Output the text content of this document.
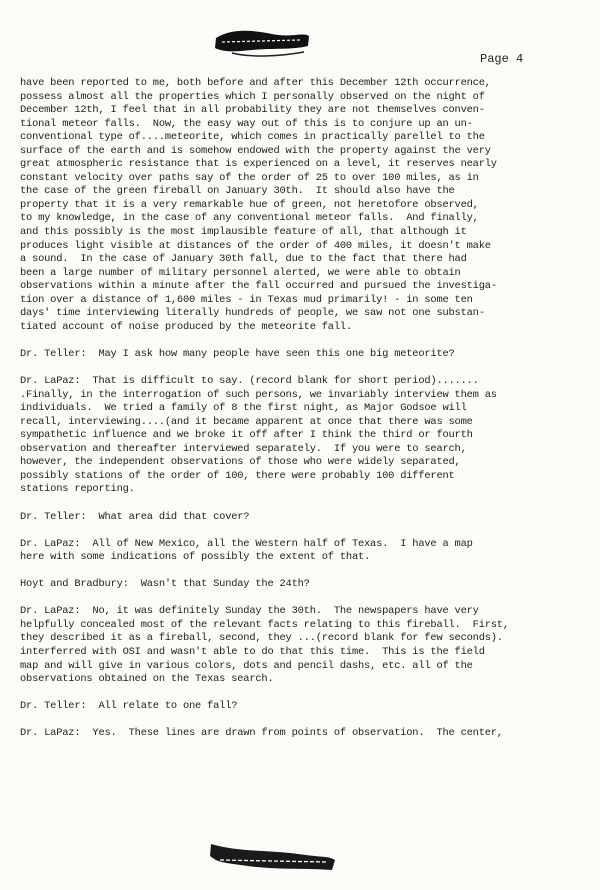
Page 4
have been reported to me, both before and after this December 12th occurrence,
possess almost all the properties which I personally observed on the night of
December 12th, I feel that in all probability they are not themselves conven-
tional meteor falls.  Now, the easy way out of this is to conjure up an un-
conventional type of....meteorite, which comes in practically parellel to the
surface of the earth and is somehow endowed with the property against the very
great atmospheric resistance that is experienced on a level, it reserves nearly
constant velocity over paths say of the order of 25 to over 100 miles, as in
the case of the green fireball on January 30th.  It should also have the
property that it is a very remarkable hue of green, not heretofore observed,
to my knowledge, in the case of any conventional meteor falls.  And finally,
and this possibly is the most implausible feature of all, that although it
produces light visible at distances of the order of 400 miles, it doesn't make
a sound.  In the case of January 30th fall, due to the fact that there had
been a large number of military personnel alerted, we were able to obtain
observations within a minute after the fall occurred and pursued the investiga-
tion over a distance of 1,600 miles - in Texas mud primarily! - in some ten
days' time interviewing literally hundreds of people, we saw not one substan-
tiated account of noise produced by the meteorite fall.
Dr. Teller:  May I ask how many people have seen this one big meteorite?
Dr. LaPaz:  That is difficult to say. (record blank for short period).......
.Finally, in the interrogation of such persons, we invariably interview them as
individuals.  We tried a family of 8 the first night, as Major Godsoe will
recall, interviewing....(and it became apparent at once that there was some
sympathetic influence and we broke it off after I think the third or fourth
observation and thereafter interviewed separately.  If you were to search,
however, the independent observations of those who were widely separated,
possibly stations of the order of 100, there were probably 100 different
stations reporting.
Dr. Teller:  What area did that cover?
Dr. LaPaz:  All of New Mexico, all the Western half of Texas.  I have a map
here with some indications of possibly the extent of that.
Hoyt and Bradbury:  Wasn't that Sunday the 24th?
Dr. LaPaz:  No, it was definitely Sunday the 30th.  The newspapers have very
helpfully concealed most of the relevant facts relating to this fireball.  First,
they described it as a fireball, second, they ...(record blank for few seconds).
interferred with OSI and wasn't able to do that this time.  This is the field
map and will give in various colors, dots and pencil dashs, etc. all of the
observations obtained on the Texas search.
Dr. Teller:  All relate to one fall?
Dr. LaPaz:  Yes.  These lines are drawn from points of observation.  The center,
